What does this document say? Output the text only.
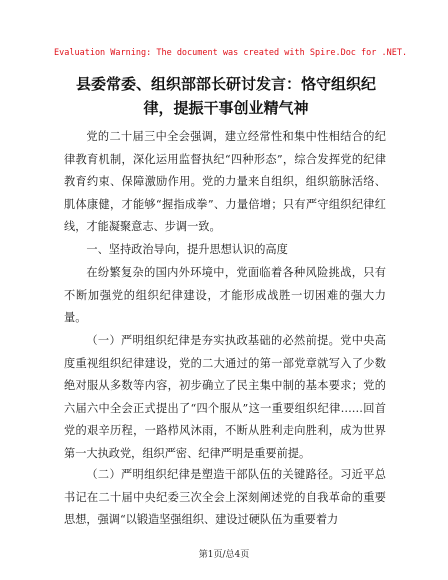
Evaluation Warning: The document was created with Spire.Doc for .NET.
县委常委、组织部部长研讨发言：恪守组织纪
律，提振干事创业精气神
党的二十届三中全会强调，建立经常性和集中性相结合的纪律教育机制，深化运用监督执纪“四种形态”，综合发挥党的纪律教育约束、保障激励作用。党的力量来自组织，组织筋脉活络、肌体康健，才能够“握指成拳”、力量倍增；只有严守组织纪律红线，才能凝聚意志、步调一致。
一、坚持政治导向，提升思想认识的高度
在纷繁复杂的国内外环境中，党面临着各种风险挑战，只有不断加强党的组织纪律建设，才能形成战胜一切困难的强大力量。
（一）严明组织纪律是夯实执政基础的必然前提。党中央高度重视组织纪律建设，党的二大通过的第一部党章就写入了少数绝对服从多数等内容，初步确立了民主集中制的基本要求；党的六届六中全会正式提出了“四个服从”这一重要组织纪律……回首党的艰辛历程，一路栉风沐雨，不断从胜利走向胜利，成为世界第一大执政党，组织严密、纪律严明是重要前提。
（二）严明组织纪律是塑造干部队伍的关键路径。习近平总书记在二十届中央纪委三次全会上深刻阐述党的自我革命的重要思想，强调“以锻造坚强组织、建设过硬队伍为重要着力
第1页/总4页
